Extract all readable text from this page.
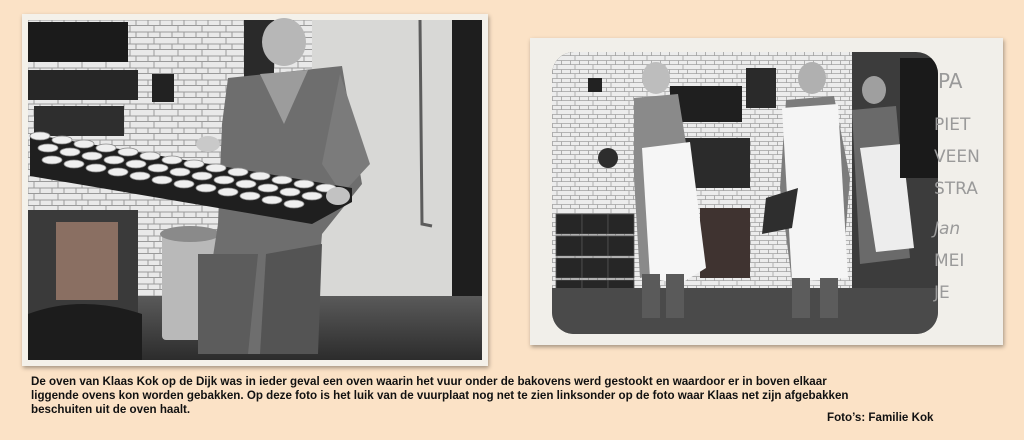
PA
PIET
VEEN
STRA
Jan
MEI
JE

De oven van Klaas Kok op de Dijk was in ieder geval een oven waarin het vuur onder de bakovens werd gestookt en waardoor er in boven elkaar

liggende ovens kon worden gebakken. Op deze foto is het luik van de vuurplaat nog net te zien linksonder op de foto waar Klaas net zijn afgebakken

beschuiten uit de oven haalt.

Foto’s: Familie Kok
